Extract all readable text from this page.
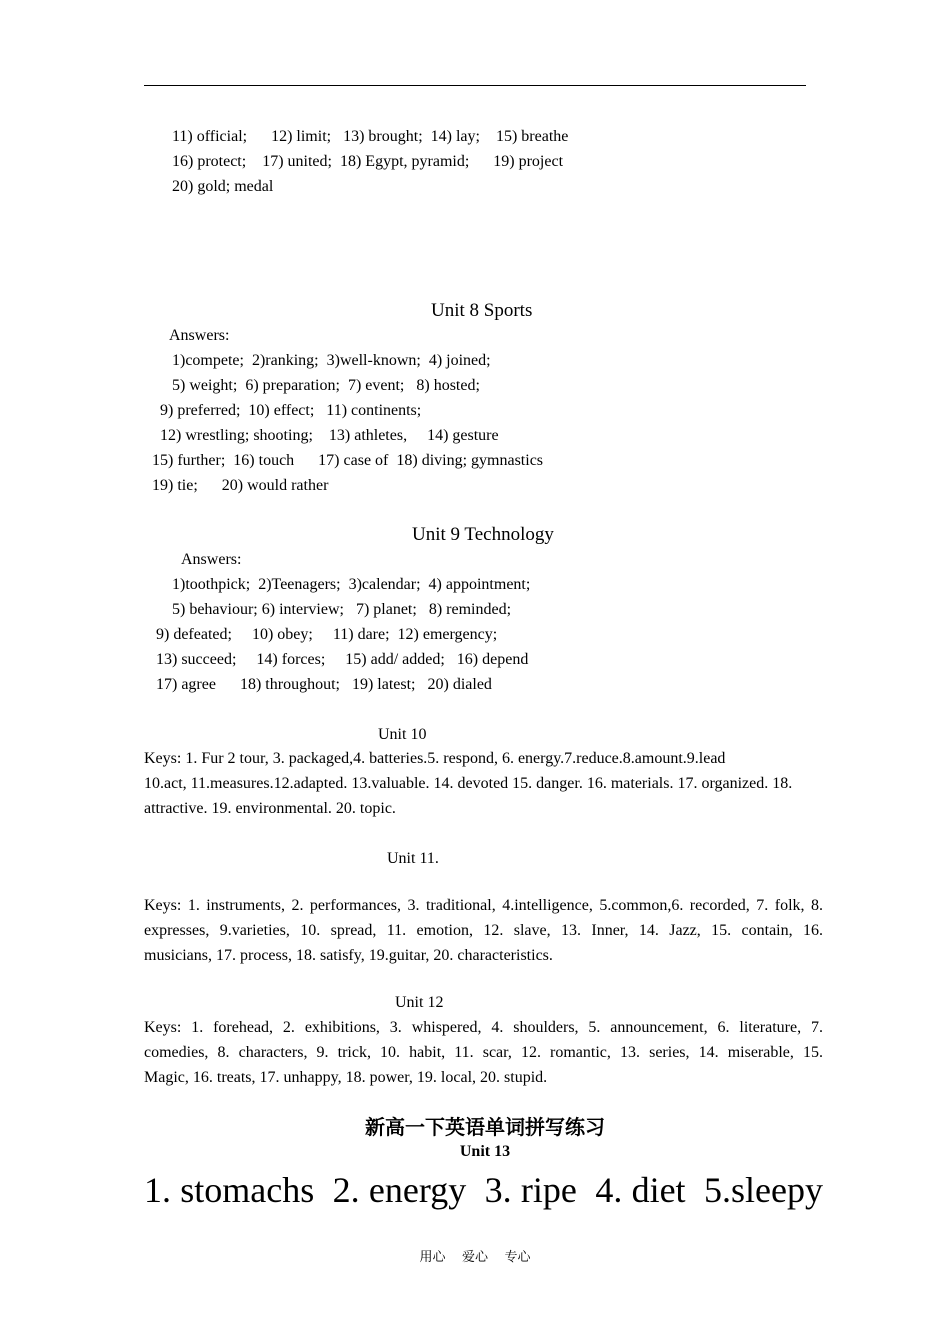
11) official;      12) limit;   13) brought;  14) lay;    15) breathe
16) protect;    17) united;  18) Egypt, pyramid;      19) project
20) gold; medal
Unit 8 Sports
Answers:
1)compete;  2)ranking;  3)well-known;  4) joined;
5) weight;  6) preparation;  7) event;   8) hosted;
9) preferred;  10) effect;   11) continents;
12) wrestling; shooting;    13) athletes,     14) gesture
15) further;  16) touch      17) case of  18) diving; gymnastics
19) tie;      20) would rather
Unit 9 Technology
Answers:
1)toothpick;  2)Teenagers;  3)calendar;  4) appointment;
5) behaviour; 6) interview;   7) planet;   8) reminded;
9) defeated;     10) obey;     11) dare;  12) emergency;
13) succeed;     14) forces;     15) add/ added;   16) depend
17) agree      18) throughout;   19) latest;   20) dialed
Unit 10

Keys: 1. Fur 2 tour, 3. packaged,4. batteries.5. respond, 6. energy.7.reduce.8.amount.9.lead

10.act, 11.measures.12.adapted. 13.valuable. 14. devoted 15. danger. 16. materials. 17. organized. 18.

attractive. 19. environmental. 20. topic.

Unit 11.

Keys: 1. instruments, 2. performances, 3. traditional, 4.intelligence, 5.common,6. recorded, 7. folk, 8.

expresses, 9.varieties, 10. spread, 11. emotion, 12. slave, 13. Inner, 14. Jazz, 15. contain, 16.

musicians, 17. process, 18. satisfy, 19.guitar, 20. characteristics.

Unit 12

Keys: 1. forehead, 2. exhibitions, 3. whispered, 4. shoulders, 5. announcement, 6. literature, 7.

comedies, 8. characters, 9. trick, 10. habit, 11. scar, 12. romantic, 13. series, 14. miserable, 15.

Magic, 16. treats, 17. unhappy, 18. power, 19. local, 20. stupid.

新高一下英语单词拼写练习
Unit 13
1. stomachs  2. energy  3. ripe  4. diet  5.sleepy
用心    爱心    专心
